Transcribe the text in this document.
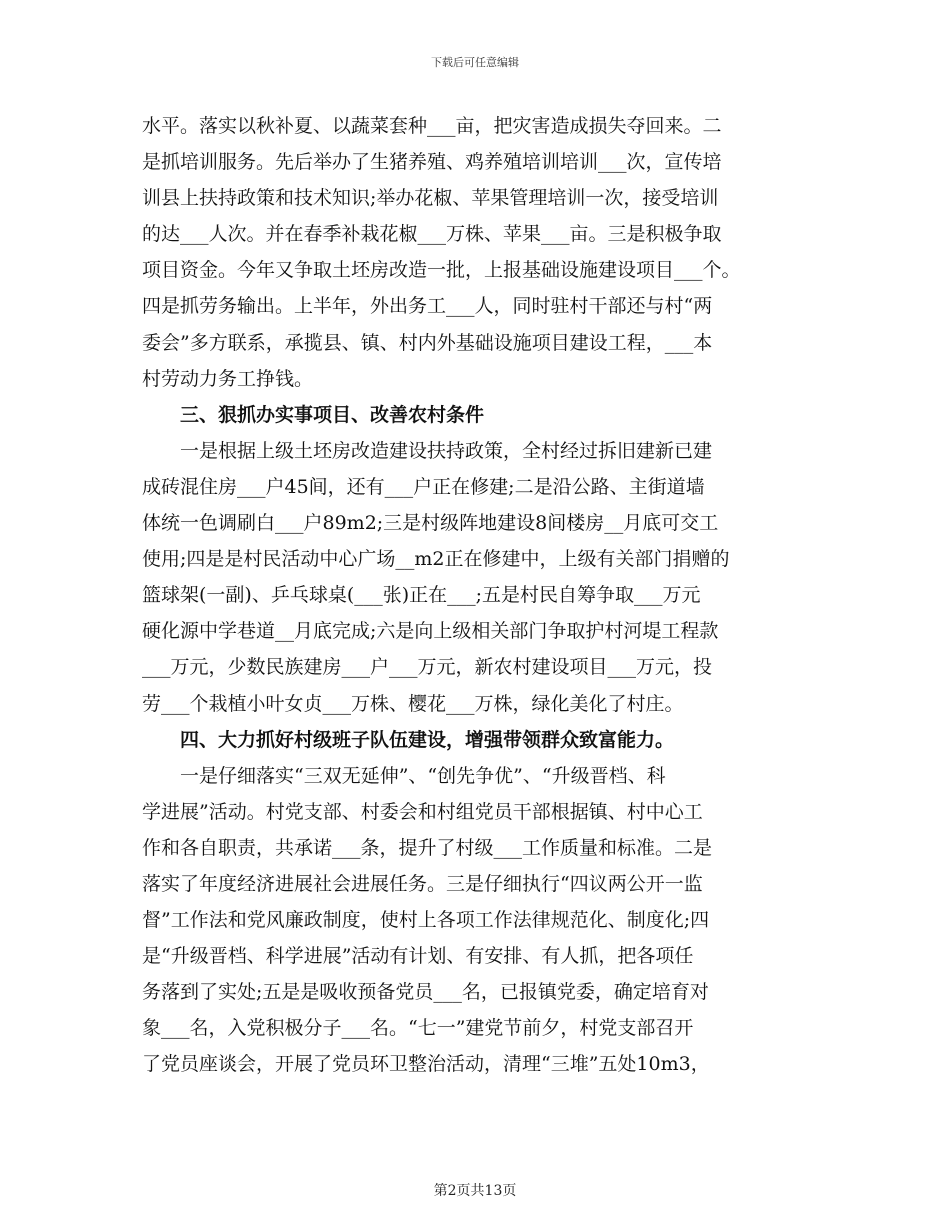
下载后可任意编辑
水平。落实以秋补夏、以蔬菜套种___亩，把灾害造成损失夺回来。二
是抓培训服务。先后举办了生猪养殖、鸡养殖培训培训___次，宣传培
训县上扶持政策和技术知识;举办花椒、苹果管理培训一次，接受培训
的达___人次。并在春季补栽花椒___万株、苹果___亩。三是积极争取
项目资金。今年又争取土坯房改造一批，上报基础设施建设项目___个。
四是抓劳务输出。上半年，外出务工___人，同时驻村干部还与村“两
委会”多方联系，承揽县、镇、村内外基础设施项目建设工程，___本
村劳动力务工挣钱。
三、狠抓办实事项目、改善农村条件
一是根据上级土坯房改造建设扶持政策，全村经过拆旧建新已建
成砖混住房___户45间，还有___户正在修建;二是沿公路、主街道墙
体统一色调刷白___户89m2;三是村级阵地建设8间楼房__月底可交工
使用;四是是村民活动中心广场__m2正在修建中，上级有关部门捐赠的
篮球架(一副)、乒乓球桌(___张)正在___;五是村民自筹争取___万元
硬化源中学巷道__月底完成;六是向上级相关部门争取护村河堤工程款
___万元，少数民族建房___户___万元，新农村建设项目___万元，投
劳___个栽植小叶女贞___万株、樱花___万株，绿化美化了村庄。
四、大力抓好村级班子队伍建设，增强带领群众致富能力。
一是仔细落实“三双无延伸”、“创先争优”、“升级晋档、科
学进展”活动。村党支部、村委会和村组党员干部根据镇、村中心工
作和各自职责，共承诺___条，提升了村级___工作质量和标准。二是
落实了年度经济进展社会进展任务。三是仔细执行“四议两公开一监
督”工作法和党风廉政制度，使村上各项工作法律规范化、制度化;四
是“升级晋档、科学进展”活动有计划、有安排、有人抓，把各项任
务落到了实处;五是是吸收预备党员___名，已报镇党委，确定培育对
象___名，入党积极分子___名。“七一”建党节前夕，村党支部召开
了党员座谈会，开展了党员环卫整治活动，清理“三堆”五处10m3，
第2页共13页
